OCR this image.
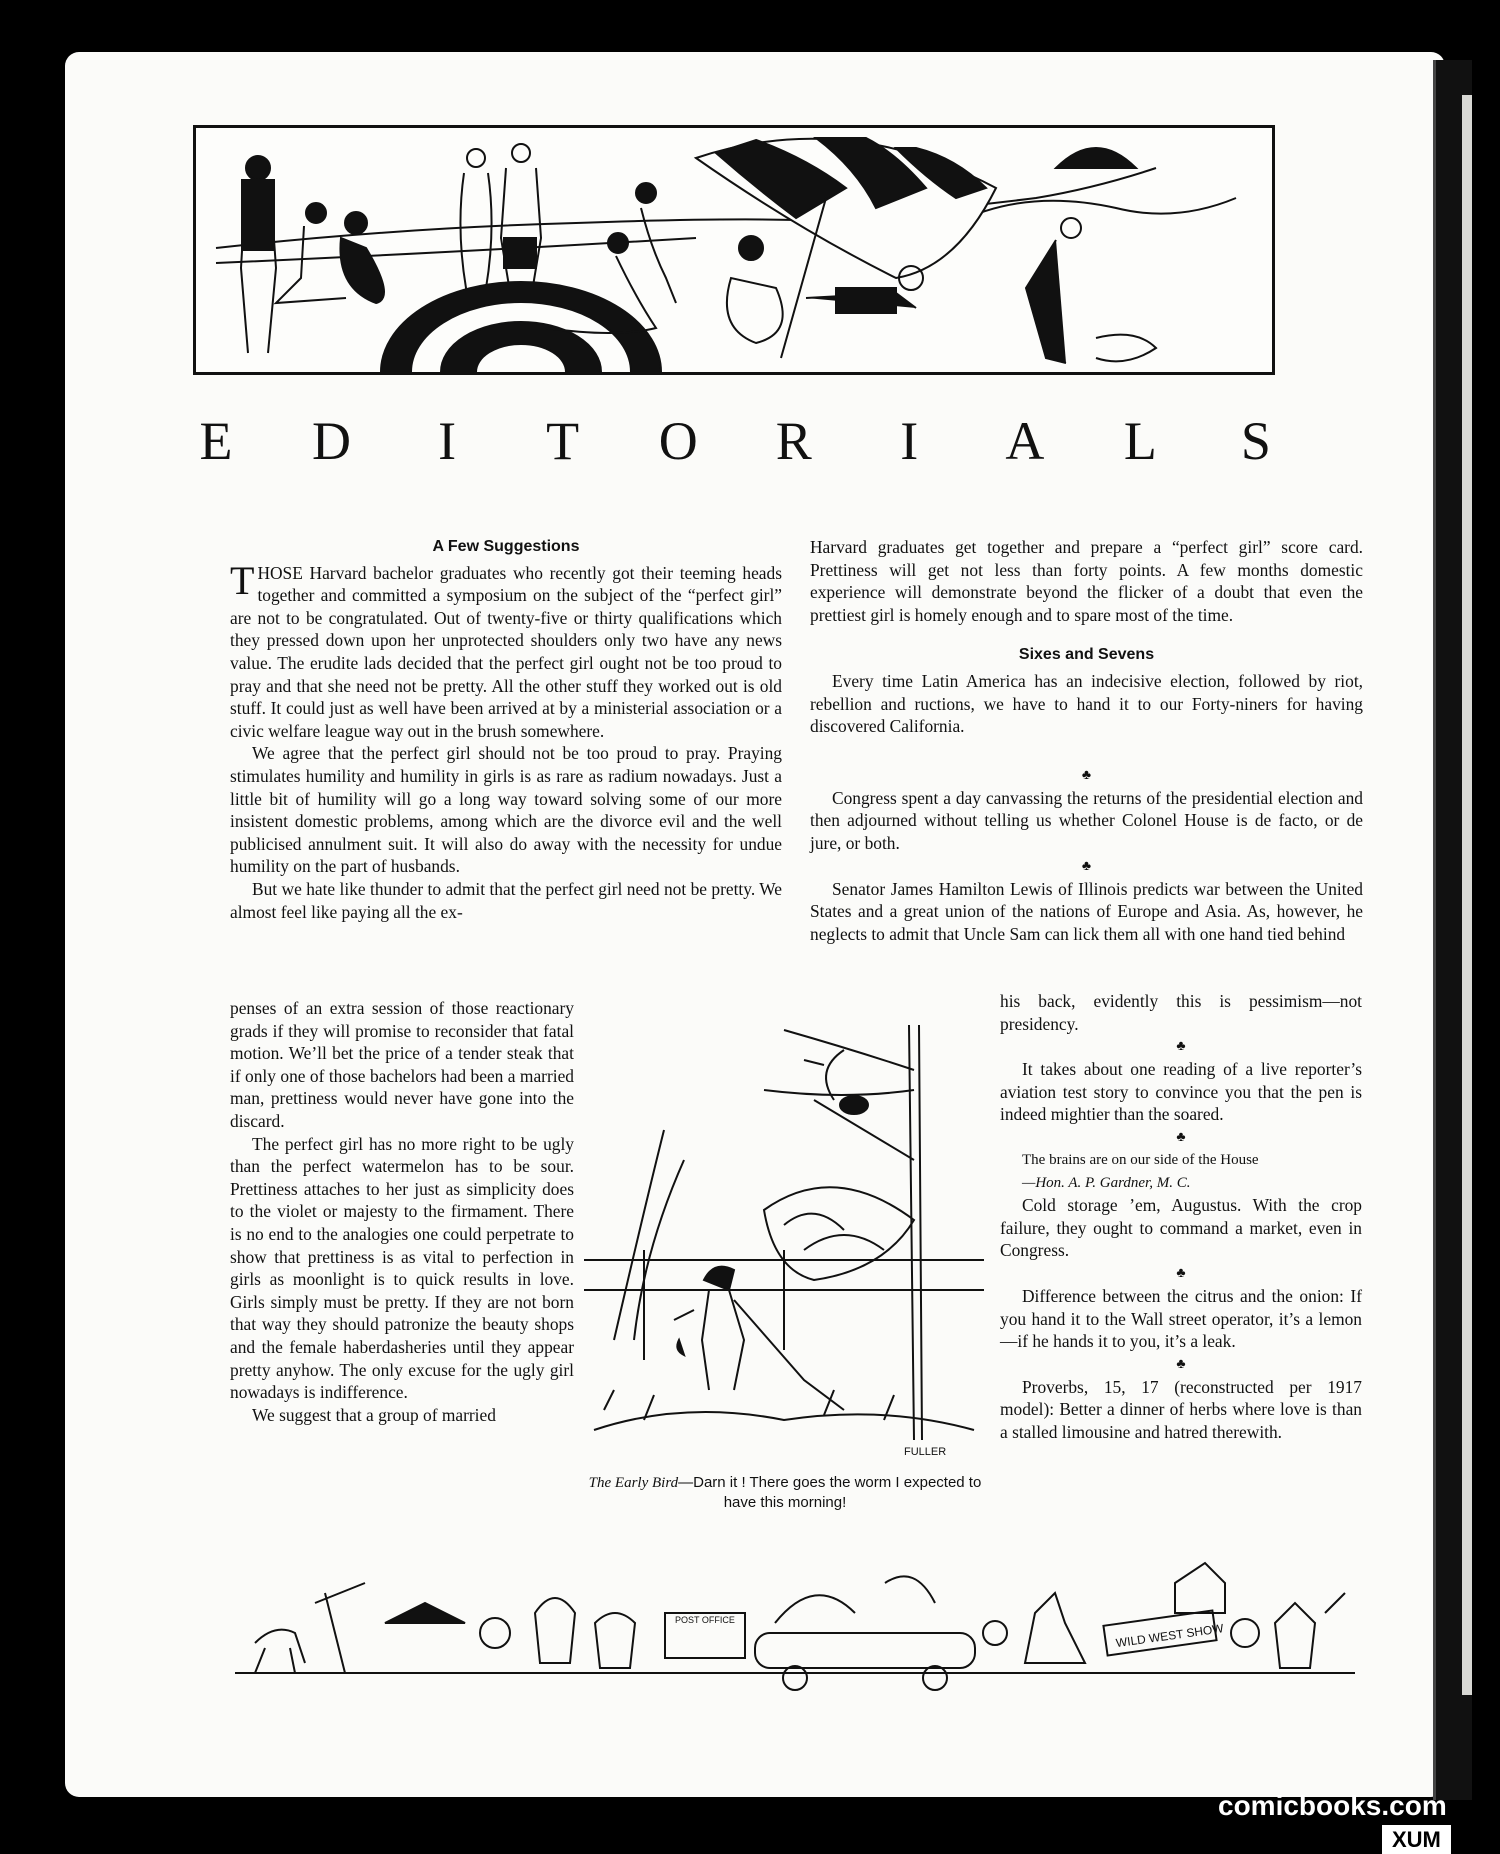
E D I T O R I A L S
A Few Suggestions

THOSE Harvard bachelor graduates who recently got their teeming heads together and committed a symposium on the subject of the “perfect girl” are not to be congratulated. Out of twenty-five or thirty qualifications which they pressed down upon her unprotected shoulders only two have any news value. The erudite lads decided that the perfect girl ought not be too proud to pray and that she need not be pretty. All the other stuff they worked out is old stuff. It could just as well have been arrived at by a ministerial association or a civic welfare league way out in the brush somewhere.

We agree that the perfect girl should not be too proud to pray. Praying stimulates humility and humility in girls is as rare as radium nowadays. Just a little bit of humility will go a long way toward solving some of our more insistent domestic problems, among which are the divorce evil and the well publicised annulment suit. It will also do away with the necessity for undue humility on the part of husbands.

But we hate like thunder to admit that the perfect girl need not be pretty. We almost feel like paying all the ex-

penses of an extra session of those reactionary grads if they will promise to reconsider that fatal motion. We’ll bet the price of a tender steak that if only one of those bachelors had been a married man, prettiness would never have gone into the discard.

The perfect girl has no more right to be ugly than the perfect watermelon has to be sour. Prettiness attaches to her just as simplicity does to the violet or majesty to the firmament. There is no end to the analogies one could perpetrate to show that prettiness is as vital to perfection in girls as moonlight is to quick results in love. Girls simply must be pretty. If they are not born that way they should patronize the beauty shops and the female haberdasheries until they appear pretty anyhow. The only excuse for the ugly girl nowadays is indifference.

We suggest that a group of married

Harvard graduates get together and prepare a “perfect girl” score card. Prettiness will get not less than forty points. A few months domestic experience will demonstrate beyond the flicker of a doubt that even the prettiest girl is homely enough and to spare most of the time.

Sixes and Sevens

Every time Latin America has an indecisive election, followed by riot, rebellion and ructions, we have to hand it to our Forty-niners for having discovered California.

♣

Congress spent a day canvassing the returns of the presidential election and then adjourned without telling us whether Colonel House is de facto, or de jure, or both.

♣

Senator James Hamilton Lewis of Illinois predicts war between the United States and a great union of the nations of Europe and Asia. As, however, he neglects to admit that Uncle Sam can lick them all with one hand tied behind

his back, evidently this is pessimism—not presidency.

♣

It takes about one reading of a live reporter’s aviation test story to convince you that the pen is indeed mightier than the soared.

♣

The brains are on our side of the House

—Hon. A. P. Gardner, M. C.

Cold storage ’em, Augustus. With the crop failure, they ought to command a market, even in Congress.

♣

Difference between the citrus and the onion: If you hand it to the Wall street operator, it’s a lemon—if he hands it to you, it’s a leak.

♣

Proverbs, 15, 17 (reconstructed per 1917 model): Better a dinner of herbs where love is than a stalled limousine and hatred therewith.

FULLER
The Early Bird—Darn it ! There goes the worm I expected to have this morning!
POST OFFICE
WILD WEST SHOW
comicbooks.com
XUM
